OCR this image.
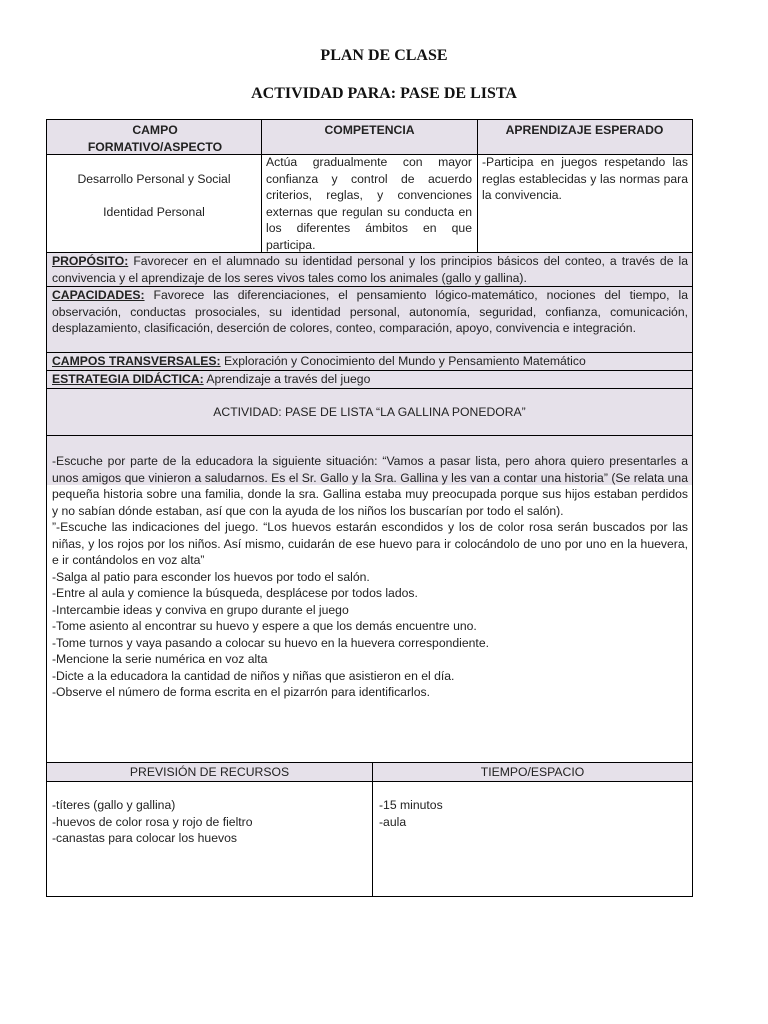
PLAN DE CLASE
ACTIVIDAD PARA: PASE DE LISTA
CAMPO FORMATIVO/ASPECTO
COMPETENCIA	APRENDIZAJE ESPERADO
Desarrollo Personal y Social
Identidad Personal
Actúa gradualmente con mayor confianza y control de acuerdo criterios, reglas, y convenciones externas que regulan su conducta en los diferentes ámbitos en que participa.
-Participa en juegos respetando las reglas establecidas y las normas para la convivencia.
PROPÓSITO: Favorecer en el alumnado su identidad personal y los principios básicos del conteo, a través de la convivencia y el aprendizaje de los seres vivos tales como los animales (gallo y gallina).
CAPACIDADES: Favorece las diferenciaciones, el pensamiento lógico-matemático, nociones del tiempo, la observación, conductas prosociales, su identidad personal, autonomía, seguridad, confianza, comunicación, desplazamiento, clasificación, deserción de colores, conteo, comparación, apoyo, convivencia e integración.
CAMPOS TRANSVERSALES: Exploración y Conocimiento del Mundo y Pensamiento Matemático
ESTRATEGIA DIDÁCTICA: Aprendizaje a través del juego
ACTIVIDAD: PASE DE LISTA “LA GALLINA PONEDORA”

-Escuche por parte de la educadora la siguiente situación: “Vamos a pasar lista, pero ahora quiero presentarles a unos amigos que vinieron a saludarnos. Es el Sr. Gallo y la Sra. Gallina y les van a contar una historia” (Se relata una pequeña historia sobre una familia, donde la sra. Gallina estaba muy preocupada porque sus hijos estaban perdidos y no sabían dónde estaban, así que con la ayuda de los niños los buscarían por todo el salón).

”-Escuche las indicaciones del juego. “Los huevos estarán escondidos y los de color rosa serán buscados por las niñas, y los rojos por los niños. Así mismo, cuidarán de ese huevo para ir colocándolo de uno por uno en la huevera, e ir contándolos en voz alta”

-Salga al patio para esconder los huevos por todo el salón.

-Entre al aula y comience la búsqueda, desplácese por todos lados.

-Intercambie ideas y conviva en grupo durante el juego

-Tome asiento al encontrar su huevo y espere a que los demás encuentre uno.

-Tome turnos y vaya pasando a colocar su huevo en la huevera correspondiente.

-Mencione la serie numérica en voz alta

-Dicte a la educadora la cantidad de niños y niñas que asistieron en el día.

-Observe el número de forma escrita en el pizarrón para identificarlos.

PREVISIÓN DE RECURSOS	TIEMPO/ESPACIO

-títeres (gallo y gallina)

-huevos de color rosa y rojo de fieltro

-canastas para colocar los huevos

-15 minutos

-aula
